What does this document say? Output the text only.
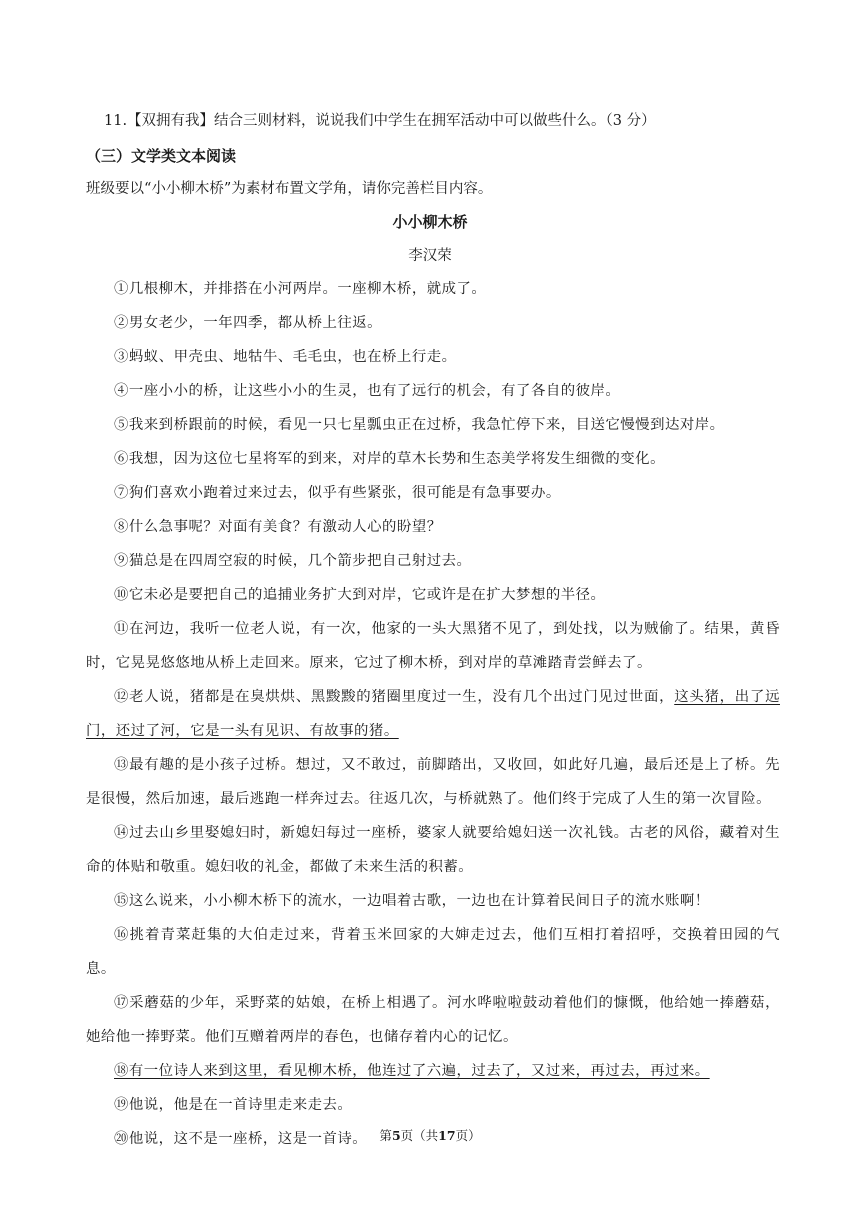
11.【双拥有我】结合三则材料，说说我们中学生在拥军活动中可以做些什么。（3 分）
（三）文学类文本阅读
班级要以“小小柳木桥”为素材布置文学角，请你完善栏目内容。
小小柳木桥
李汉荣

①几根柳木，并排搭在小河两岸。一座柳木桥，就成了。

②男女老少，一年四季，都从桥上往返。

③蚂蚁、甲壳虫、地牯牛、毛毛虫，也在桥上行走。

④一座小小的桥，让这些小小的生灵，也有了远行的机会，有了各自的彼岸。

⑤我来到桥跟前的时候，看见一只七星瓢虫正在过桥，我急忙停下来，目送它慢慢到达对岸。

⑥我想，因为这位七星将军的到来，对岸的草木长势和生态美学将发生细微的变化。

⑦狗们喜欢小跑着过来过去，似乎有些紧张，很可能是有急事要办。

⑧什么急事呢？对面有美食？有激动人心的盼望？

⑨猫总是在四周空寂的时候，几个箭步把自己射过去。

⑩它未必是要把自己的追捕业务扩大到对岸，它或许是在扩大梦想的半径。

⑪在河边，我听一位老人说，有一次，他家的一头大黑猪不见了，到处找，以为贼偷了。结果，黄昏时，它晃晃悠悠地从桥上走回来。原来，它过了柳木桥，到对岸的草滩踏青尝鲜去了。

⑫老人说，猪都是在臭烘烘、黑黢黢的猪圈里度过一生，没有几个出过门见过世面，这头猪，出了远门，还过了河，它是一头有见识、有故事的猪。

⑬最有趣的是小孩子过桥。想过，又不敢过，前脚踏出，又收回，如此好几遍，最后还是上了桥。先是很慢，然后加速，最后逃跑一样奔过去。往返几次，与桥就熟了。他们终于完成了人生的第一次冒险。

⑭过去山乡里娶媳妇时，新媳妇每过一座桥，婆家人就要给媳妇送一次礼钱。古老的风俗，藏着对生命的体贴和敬重。媳妇收的礼金，都做了未来生活的积蓄。

⑮这么说来，小小柳木桥下的流水，一边唱着古歌，一边也在计算着民间日子的流水账啊！

⑯挑着青菜赶集的大伯走过来，背着玉米回家的大婶走过去，他们互相打着招呼，交换着田园的气息。

⑰采蘑菇的少年，采野菜的姑娘，在桥上相遇了。河水哗啦啦鼓动着他们的慷慨，他给她一捧蘑菇，她给他一捧野菜。他们互赠着两岸的春色，也储存着内心的记忆。

⑱有一位诗人来到这里，看见柳木桥，他连过了六遍，过去了，又过来，再过去，再过来。

⑲他说，他是在一首诗里走来走去。

⑳他说，这不是一座桥，这是一首诗。 第5页（共17页）
